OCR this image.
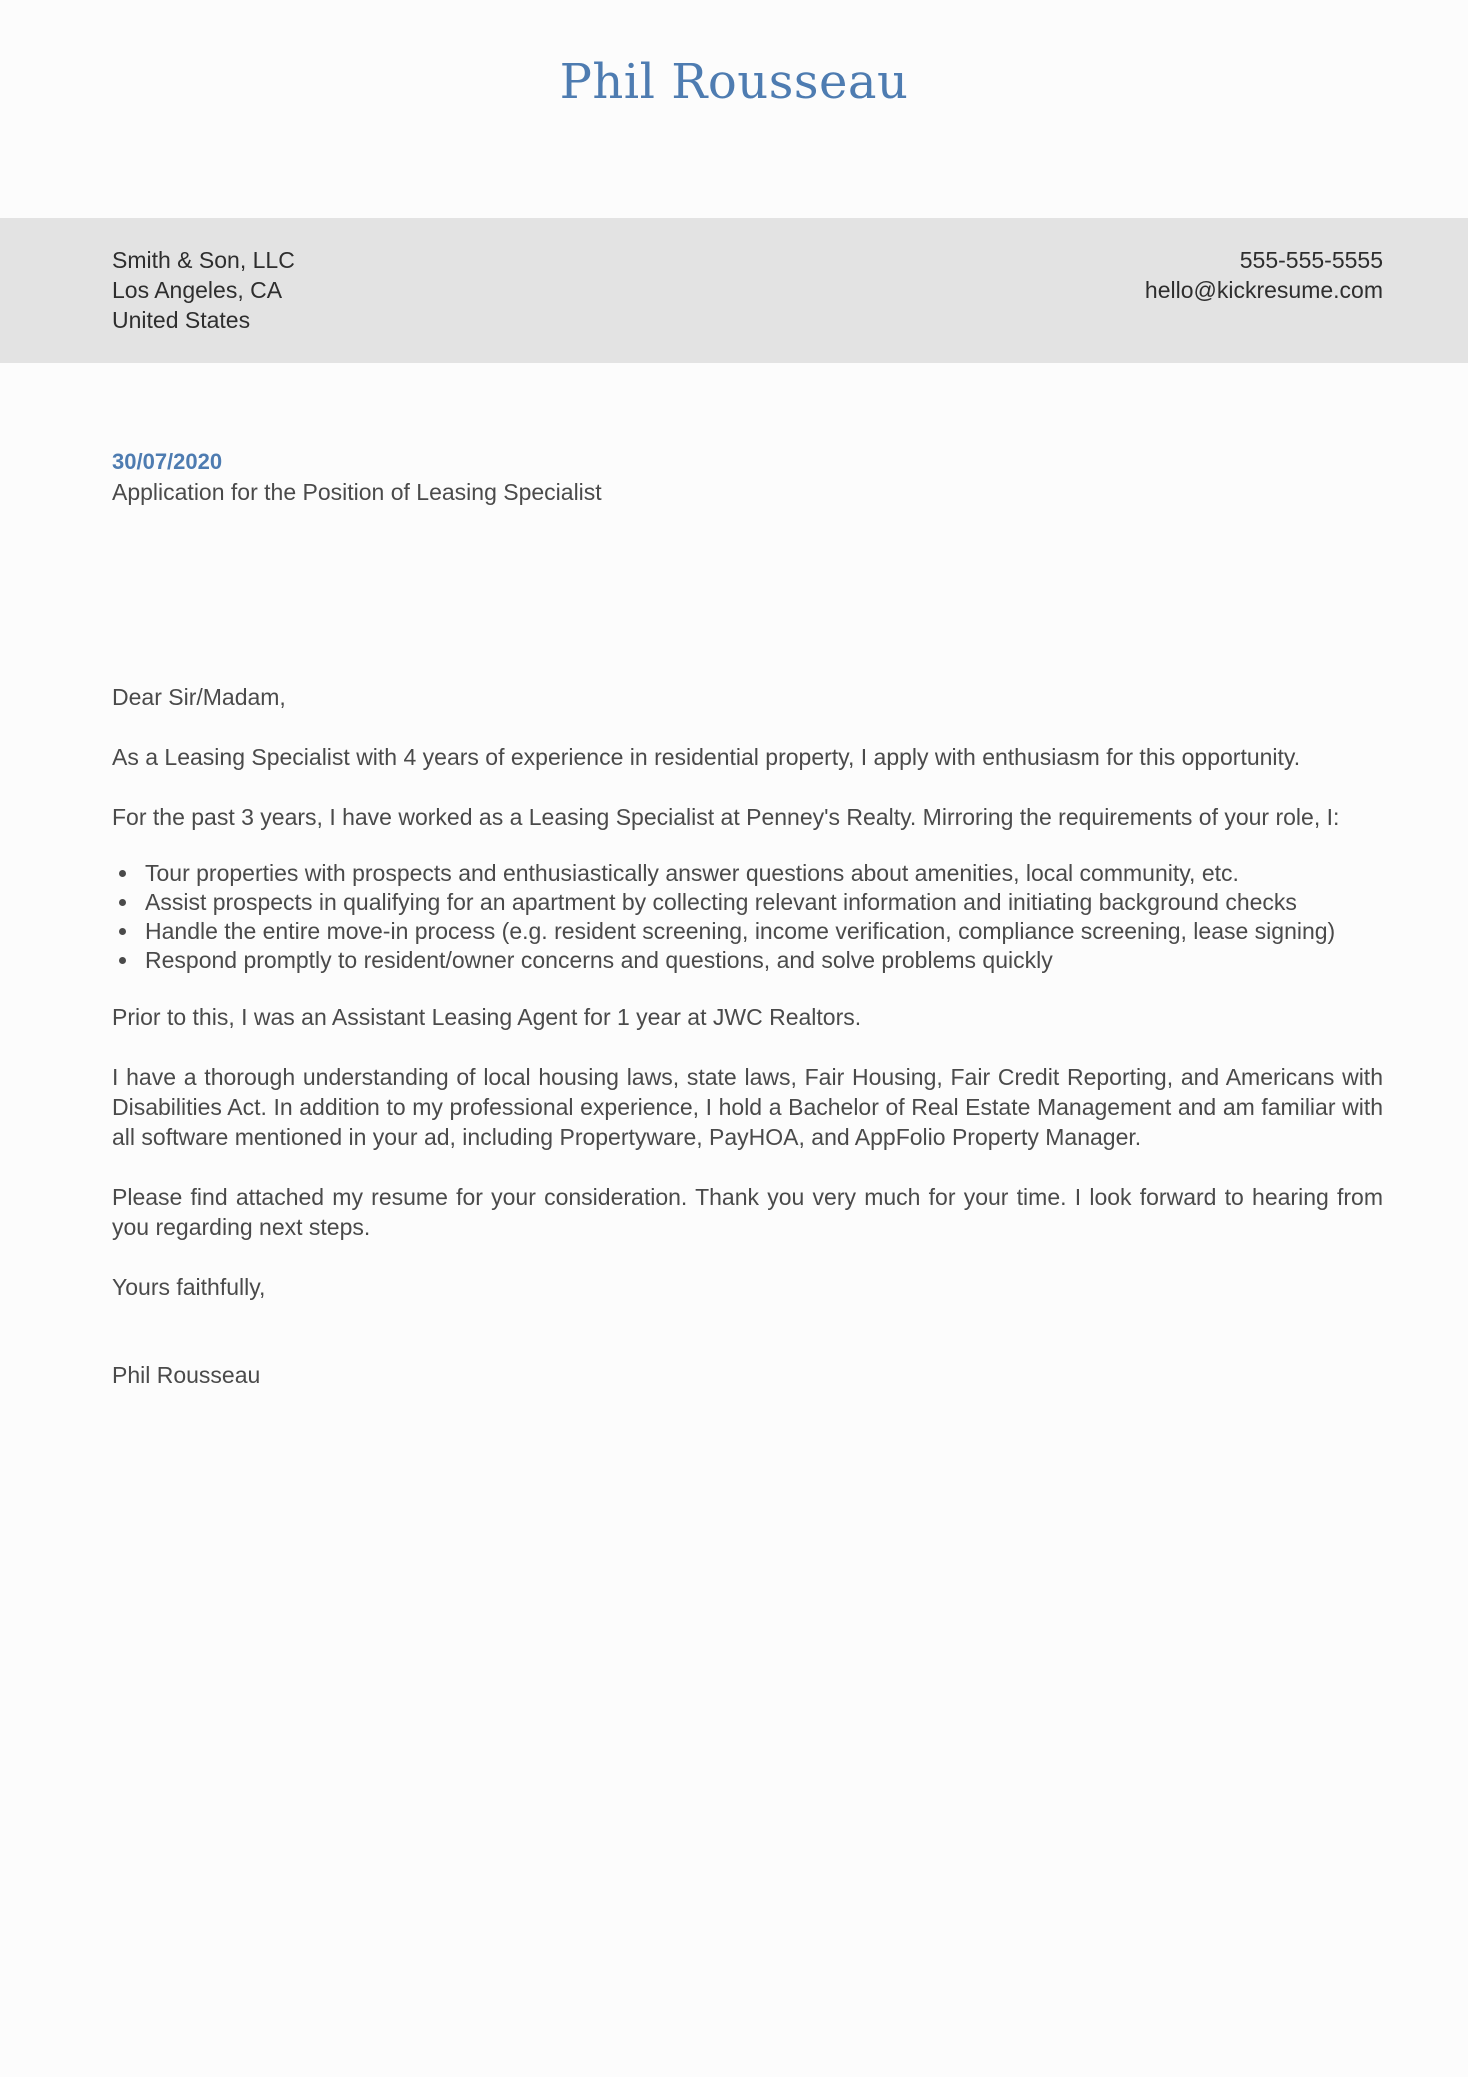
Phil Rousseau
Smith & Son, LLC
Los Angeles, CA
United States
555-555-5555
hello@kickresume.com
30/07/2020
Application for the Position of Leasing Specialist

Dear Sir/Madam,

As a Leasing Specialist with 4 years of experience in residential property, I apply with enthusiasm for this opportunity.

For the past 3 years, I have worked as a Leasing Specialist at Penney's Realty. Mirroring the requirements of your role, I:

Tour properties with prospects and enthusiastically answer questions about amenities, local community, etc.
Assist prospects in qualifying for an apartment by collecting relevant information and initiating background checks
Handle the entire move-in process (e.g. resident screening, income verification, compliance screening, lease signing)
Respond promptly to resident/owner concerns and questions, and solve problems quickly

Prior to this, I was an Assistant Leasing Agent for 1 year at JWC Realtors.

I have a thorough understanding of local housing laws, state laws, Fair Housing, Fair Credit Reporting, and Americans with Disabilities Act. In addition to my professional experience, I hold a Bachelor of Real Estate Management and am familiar with all software mentioned in your ad, including Propertyware, PayHOA, and AppFolio Property Manager.

Please find attached my resume for your consideration. Thank you very much for your time. I look forward to hearing from you regarding next steps.

Yours faithfully,

Phil Rousseau
